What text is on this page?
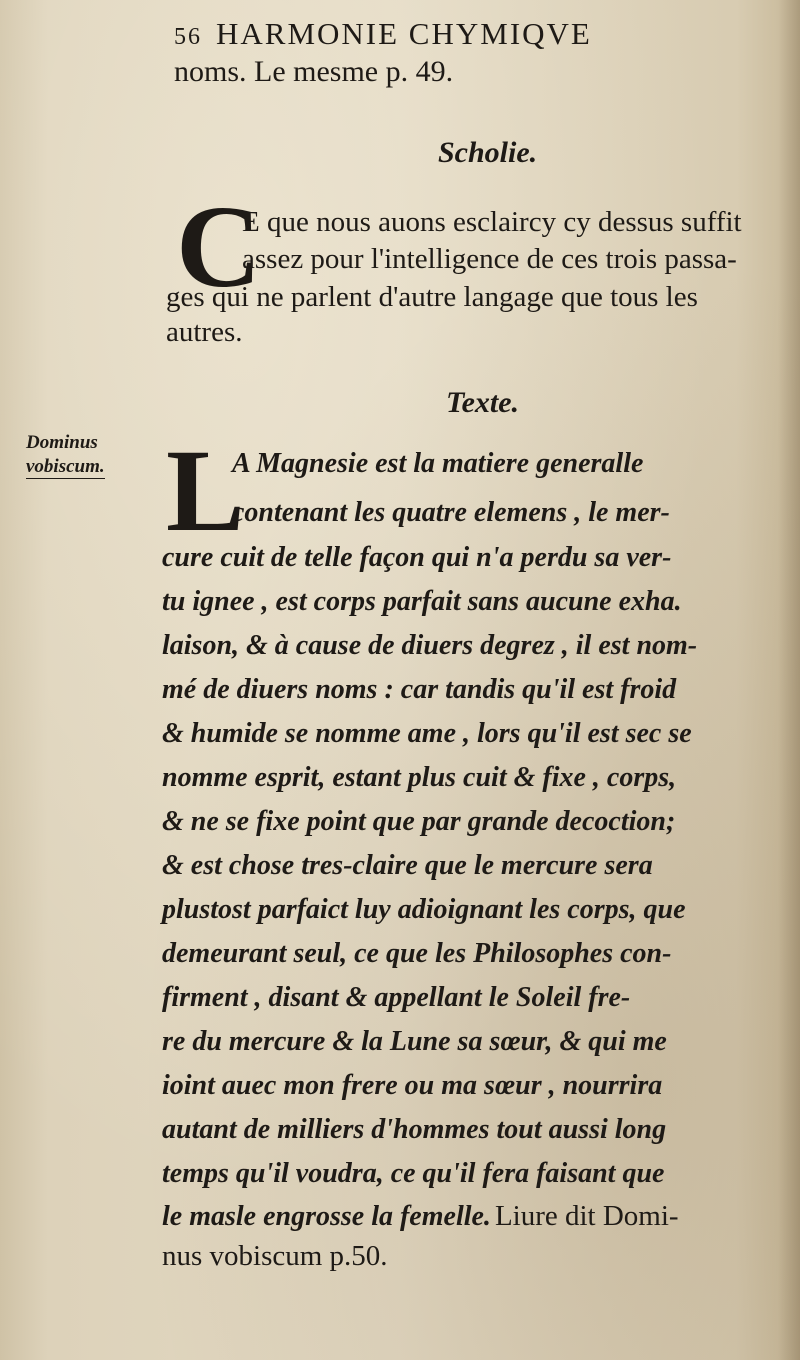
56 HARMONIE CHYMIQVE
noms. Le mesme p. 49.
Scholie.
C
E que nous auons esclaircy cy dessus suffit
assez pour l'intelligence de ces trois passa-
ges qui ne parlent d'autre langage que tous les
autres.
Texte.
Dominus
vobiscum. L
A Magnesie est la matiere generalle
contenant les quatre elemens , le mer-
cure cuit de telle façon qui n'a perdu sa ver-
tu ignee , est corps parfait sans aucune exha.
laison, & à cause de diuers degrez , il est nom-
mé de diuers noms : car tandis qu'il est froid
& humide se nomme ame , lors qu'il est sec se
nomme esprit, estant plus cuit & fixe , corps,
& ne se fixe point que par grande decoction;
& est chose tres-claire que le mercure sera
plustost parfaict luy adioignant les corps, que
demeurant seul, ce que les Philosophes con-
firment , disant & appellant le Soleil fre-
re du mercure & la Lune sa sœur, & qui me
ioint auec mon frere ou ma sœur , nourrira
autant de milliers d'hommes tout aussi long
temps qu'il voudra, ce qu'il fera faisant que
le masle engrosse la femelle. Liure dit Domi-
nus vobiscum p.50.
